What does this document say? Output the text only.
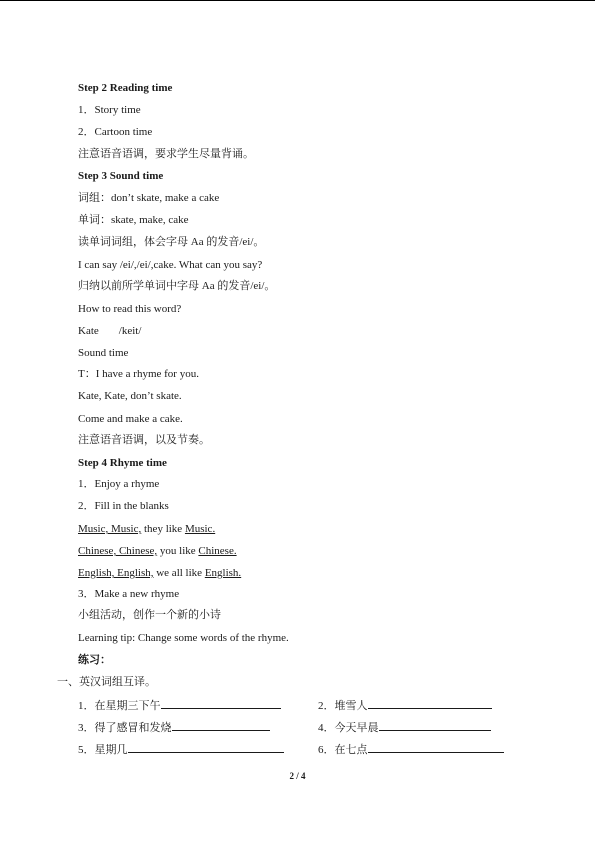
Step 2 Reading time
1．Story time
2．Cartoon time
注意语音语调，要求学生尽量背诵。
Step 3 Sound time
词组：don’t skate, make a cake
单词：skate, make, cake
读单词词组，体会字母 Aa 的发音/ei/。
I can say /ei/,/ei/,cake. What can you say?
归纳以前所学单词中字母 Aa 的发音/ei/。
How to read this word?
Kate /keit/
Sound time
T：I have a rhyme for you.
Kate, Kate, don’t skate.
Come and make a cake.
注意语音语调，以及节奏。
Step 4 Rhyme time
1．Enjoy a rhyme
2．Fill in the blanks
Music, Music, they like Music.
Chinese, Chinese, you like Chinese.
English, English, we all like English.
3．Make a new rhyme
小组活动，创作一个新的小诗
Learning tip: Change some words of the rhyme.
练习：
一、英汉词组互译。
1．在星期三下午	2．堆雪人
3．得了感冒和发烧	4．今天早晨
5．星期几	6．在七点
2 / 4
